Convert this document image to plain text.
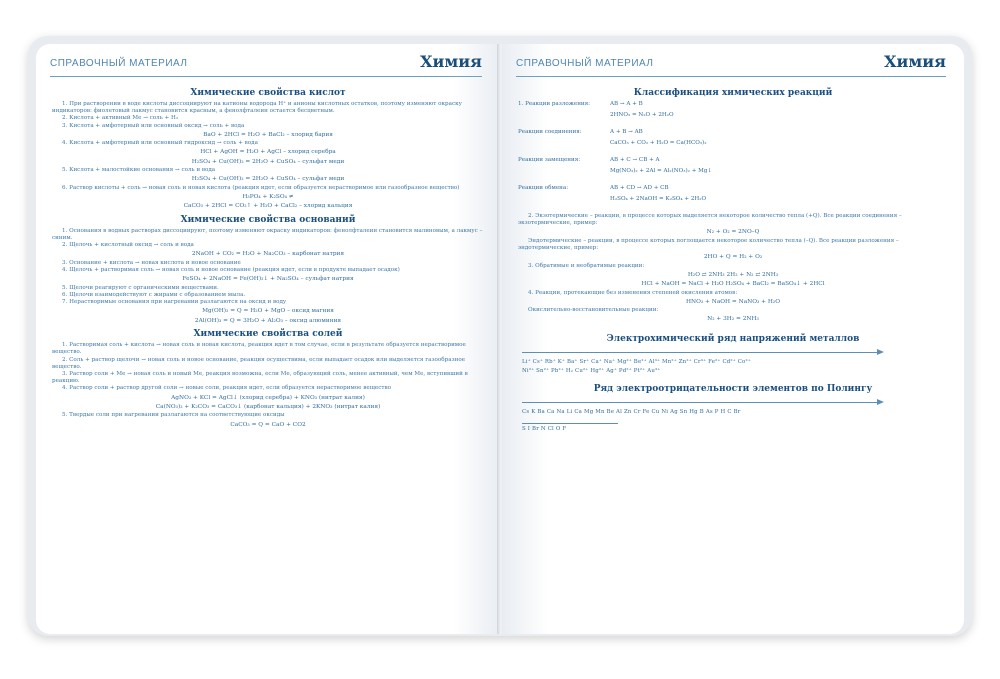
СПРАВОЧНЫЙ МАТЕРИАЛ	Химия
Химические свойства кислот
1. При растворении в воде кислоты диссоциируют на катионы водорода H⁺ и анионы кислотных остатков, поэтому изменяют окраску индикаторов: фиолетовый лакмус становится красным, а фенолфталеин остается бесцветным.
2. Кислота + активный Me → соль + H₂
3. Кислота + амфотерный или основный оксид → соль + вода
BaO + 2HCl = H₂O + BaCl₂ – хлорид бария
4. Кислота + амфотерный или основный гидроксид → соль + вода
HCl + AgOH = H₂O + AgCl – хлорид серебра
H₂SO₄ + Cu(OH)₂ = 2H₂O + CuSO₄ – сульфат меди
5. Кислота + малостойкие основания → соль и вода
H₂SO₄ + Cu(OH)₂ = 2H₂O + CuSO₄ – сульфат меди
6. Раствор кислоты + соль → новая соль и новая кислота (реакция идет, если образуется нерастворимое или газообразное вещество)
H₃PO₄ + K₂SO₄ ≠
CaCO₃ + 2HCl = CO₂↑ + H₂O + CaCl₂ – хлорид кальция
Химические свойства оснований
1. Основания в водных растворах диссоциируют, поэтому изменяют окраску индикаторов: фенолфталеин становится малиновым, а лакмус – синим.
2. Щелочь + кислотный оксид → соль и вода
2NaOH + CO₂ = H₂O + Na₂CO₃ – карбонат натрия
3. Основание + кислота → новая кислота и новое основание
4. Щелочь + растворимая соль → новая соль и новое основание (реакция идет, если в продукте выпадает осадок)
FeSO₄ + 2NaOH = Fe(OH)₂↓ + Na₂SO₄ – сульфат натрия
5. Щелочи реагируют с органическими веществами.
6. Щелочи взаимодействуют с жирами с образованием мыла.
7. Нерастворимые основания при нагревании разлагаются на оксид и воду
Mg(OH)₂ = Q = H₂O + MgO – оксид магния
2Al(OH)₃ = Q = 3H₂O + Al₂O₃ – оксид алюминия
Химические свойства солей
1. Растворимая соль + кислота → новая соль и новая кислота, реакция идет в том случае, если в результате образуется нерастворимое вещество.
2. Соль + раствор щелочи → новая соль и новое основание, реакция осуществима, если выпадает осадок или выделяется газообразное вещество.
3. Раствор соли + Me → новая соль и новый Me, реакция возможна, если Me, образующий соль, менее активный, чем Me, вступивший в реакцию.
4. Раствор соли + раствор другой соли → новые соли, реакция идет, если образуется нерастворимое вещество
AgNO₃ + KCl = AgCl↓ (хлорид серебра) + KNO₃ (нитрат калия)
Ca(NO₃)₂ + K₂CO₃ = CaCO₃↓ (карбонат кальция) + 2KNO₃ (нитрат калия)
5. Твердые соли при нагревании разлагаются на соответствующие оксиды
CaCO₃ = Q = CaO + CO2
СПРАВОЧНЫЙ МАТЕРИАЛ	Химия
Классификация химических реакций
1. Реакции разложения:	AB → A + B
2HNO₃ = N₂O + 2H₂O
Реакции соединения:	A + B → AB
CaCO₃ + CO₂ + H₂O = Ca(HCO₃)₂
Реакции замещения:	AB + C → CB + A
Mg(NO₃)₂ + 2Al = Al₂(NO₃)₂ + Mg↓
Реакции обмена:	AB + CD → AD + CB
H₂SO₄ + 2NaOH = K₂SO₄ + 2H₂O
2. Экзотермические – реакции, в процессе которых выделяется некоторое количество тепла (+Q). Все реакции соединения – экзотермические, пример:
N₂ + O₂ = 2NO–Q
Эндотермические – реакции, в процессе которых поглощается некоторое количество тепла (–Q). Все реакции разложения – эндотермические, пример:
2HO + Q = H₂ + O₂
3. Обратимые и необратимые реакции:
H₂O ⇄ 2NH₃ 2H₂ + N₂ ⇄ 2NH₃
HCl + NaOH = NaCl + H₂O H₂SO₄ + BaCl₂ = BaSO₄↓ + 2HCl
4. Реакции, протекающие без изменения степеней окисления атомов:
HNO₃ + NaOH = NaNO₃ + H₂O
Окислительно-восстановительные реакции:
N₂ + 3H₂ = 2NH₃
Электрохимический ряд напряжений металлов
Li⁺ Cs⁺ Rb⁺ K⁺ Ba⁺ Sr⁺ Ca⁺ Na⁺ Mg²⁺ Be²⁺ Al³⁺ Mn²⁺ Zn²⁺ Cr³⁺ Fe²⁺ Cd²⁺ Co²⁺
Ni²⁺ Sn²⁺ Pb²⁺ H₂ Cu²⁺ Hg²⁺ Ag⁺ Pd²⁺ Pt²⁺ Au³⁺
Ряд электроотрицательности элементов по Полингу
Cs K Ba Ca Na Li Ca Mg Mn Be Al Zn Cr Fe Cu Ni Ag Sn Hg B As P H C Br
S I Br N Cl O F
